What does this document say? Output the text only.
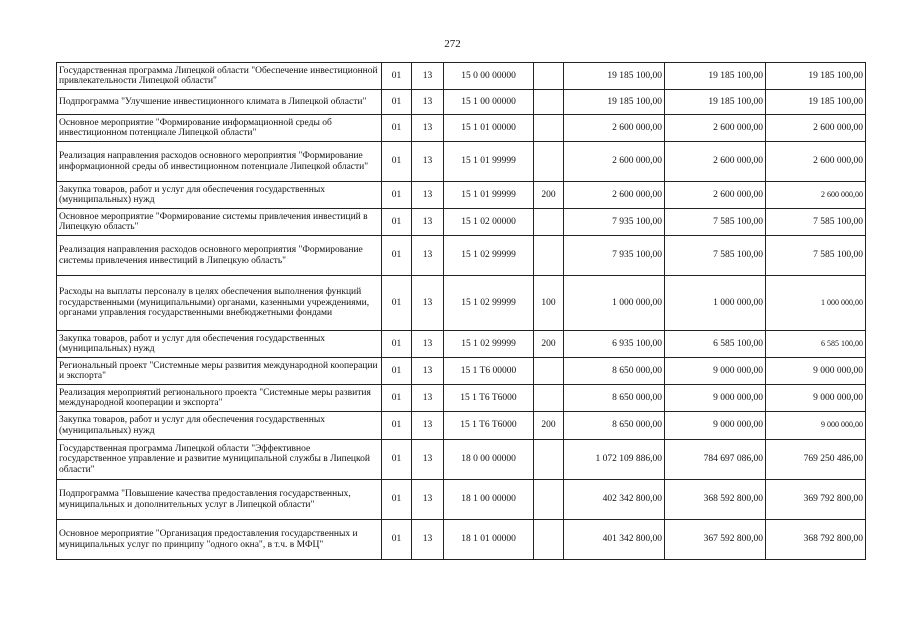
272
Государственная программа Липецкой области "Обеспечение инвестиционной привлекательности Липецкой области"	01	13	15 0 00 00000		19 185 100,00	19 185 100,00	19 185 100,00
Подпрограмма "Улучшение инвестиционного климата в Липецкой области"	01	13	15 1 00 00000		19 185 100,00	19 185 100,00	19 185 100,00
Основное мероприятие "Формирование информационной среды об инвестиционном потенциале Липецкой области"	01	13	15 1 01 00000		2 600 000,00	2 600 000,00	2 600 000,00
Реализация направления расходов основного мероприятия "Формирование информационной среды об инвестиционном потенциале Липецкой области"	01	13	15 1 01 99999		2 600 000,00	2 600 000,00	2 600 000,00
Закупка товаров, работ и услуг для обеспечения государственных (муниципальных) нужд	01	13	15 1 01 99999	200	2 600 000,00	2 600 000,00	2 600 000,00
Основное мероприятие "Формирование системы привлечения инвестиций в Липецкую область"	01	13	15 1 02 00000		7 935 100,00	7 585 100,00	7 585 100,00
Реализация направления расходов основного мероприятия "Формирование системы привлечения инвестиций в Липецкую область"	01	13	15 1 02 99999		7 935 100,00	7 585 100,00	7 585 100,00
Расходы на выплаты персоналу в целях обеспечения выполнения функций государственными (муниципальными) органами, казенными учреждениями, органами управления государственными внебюджетными фондами	01	13	15 1 02 99999	100	1 000 000,00	1 000 000,00	1 000 000,00
Закупка товаров, работ и услуг для обеспечения государственных (муниципальных) нужд	01	13	15 1 02 99999	200	6 935 100,00	6 585 100,00	6 585 100,00
Региональный проект "Системные меры развития международной кооперации и экспорта"	01	13	15 1 T6 00000		8 650 000,00	9 000 000,00	9 000 000,00
Реализация мероприятий регионального проекта "Системные меры развития международной кооперации и экспорта"	01	13	15 1 T6 T6000		8 650 000,00	9 000 000,00	9 000 000,00
Закупка товаров, работ и услуг для обеспечения государственных (муниципальных) нужд	01	13	15 1 T6 T6000	200	8 650 000,00	9 000 000,00	9 000 000,00
Государственная программа Липецкой области "Эффективное государственное управление и развитие муниципальной службы в Липецкой области"	01	13	18 0 00 00000		1 072 109 886,00	784 697 086,00	769 250 486,00
Подпрограмма "Повышение качества предоставления государственных, муниципальных и дополнительных услуг в Липецкой области"	01	13	18 1 00 00000		402 342 800,00	368 592 800,00	369 792 800,00
Основное мероприятие "Организация предоставления государственных и муниципальных услуг по принципу "одного окна", в т.ч. в МФЦ"	01	13	18 1 01 00000		401 342 800,00	367 592 800,00	368 792 800,00
